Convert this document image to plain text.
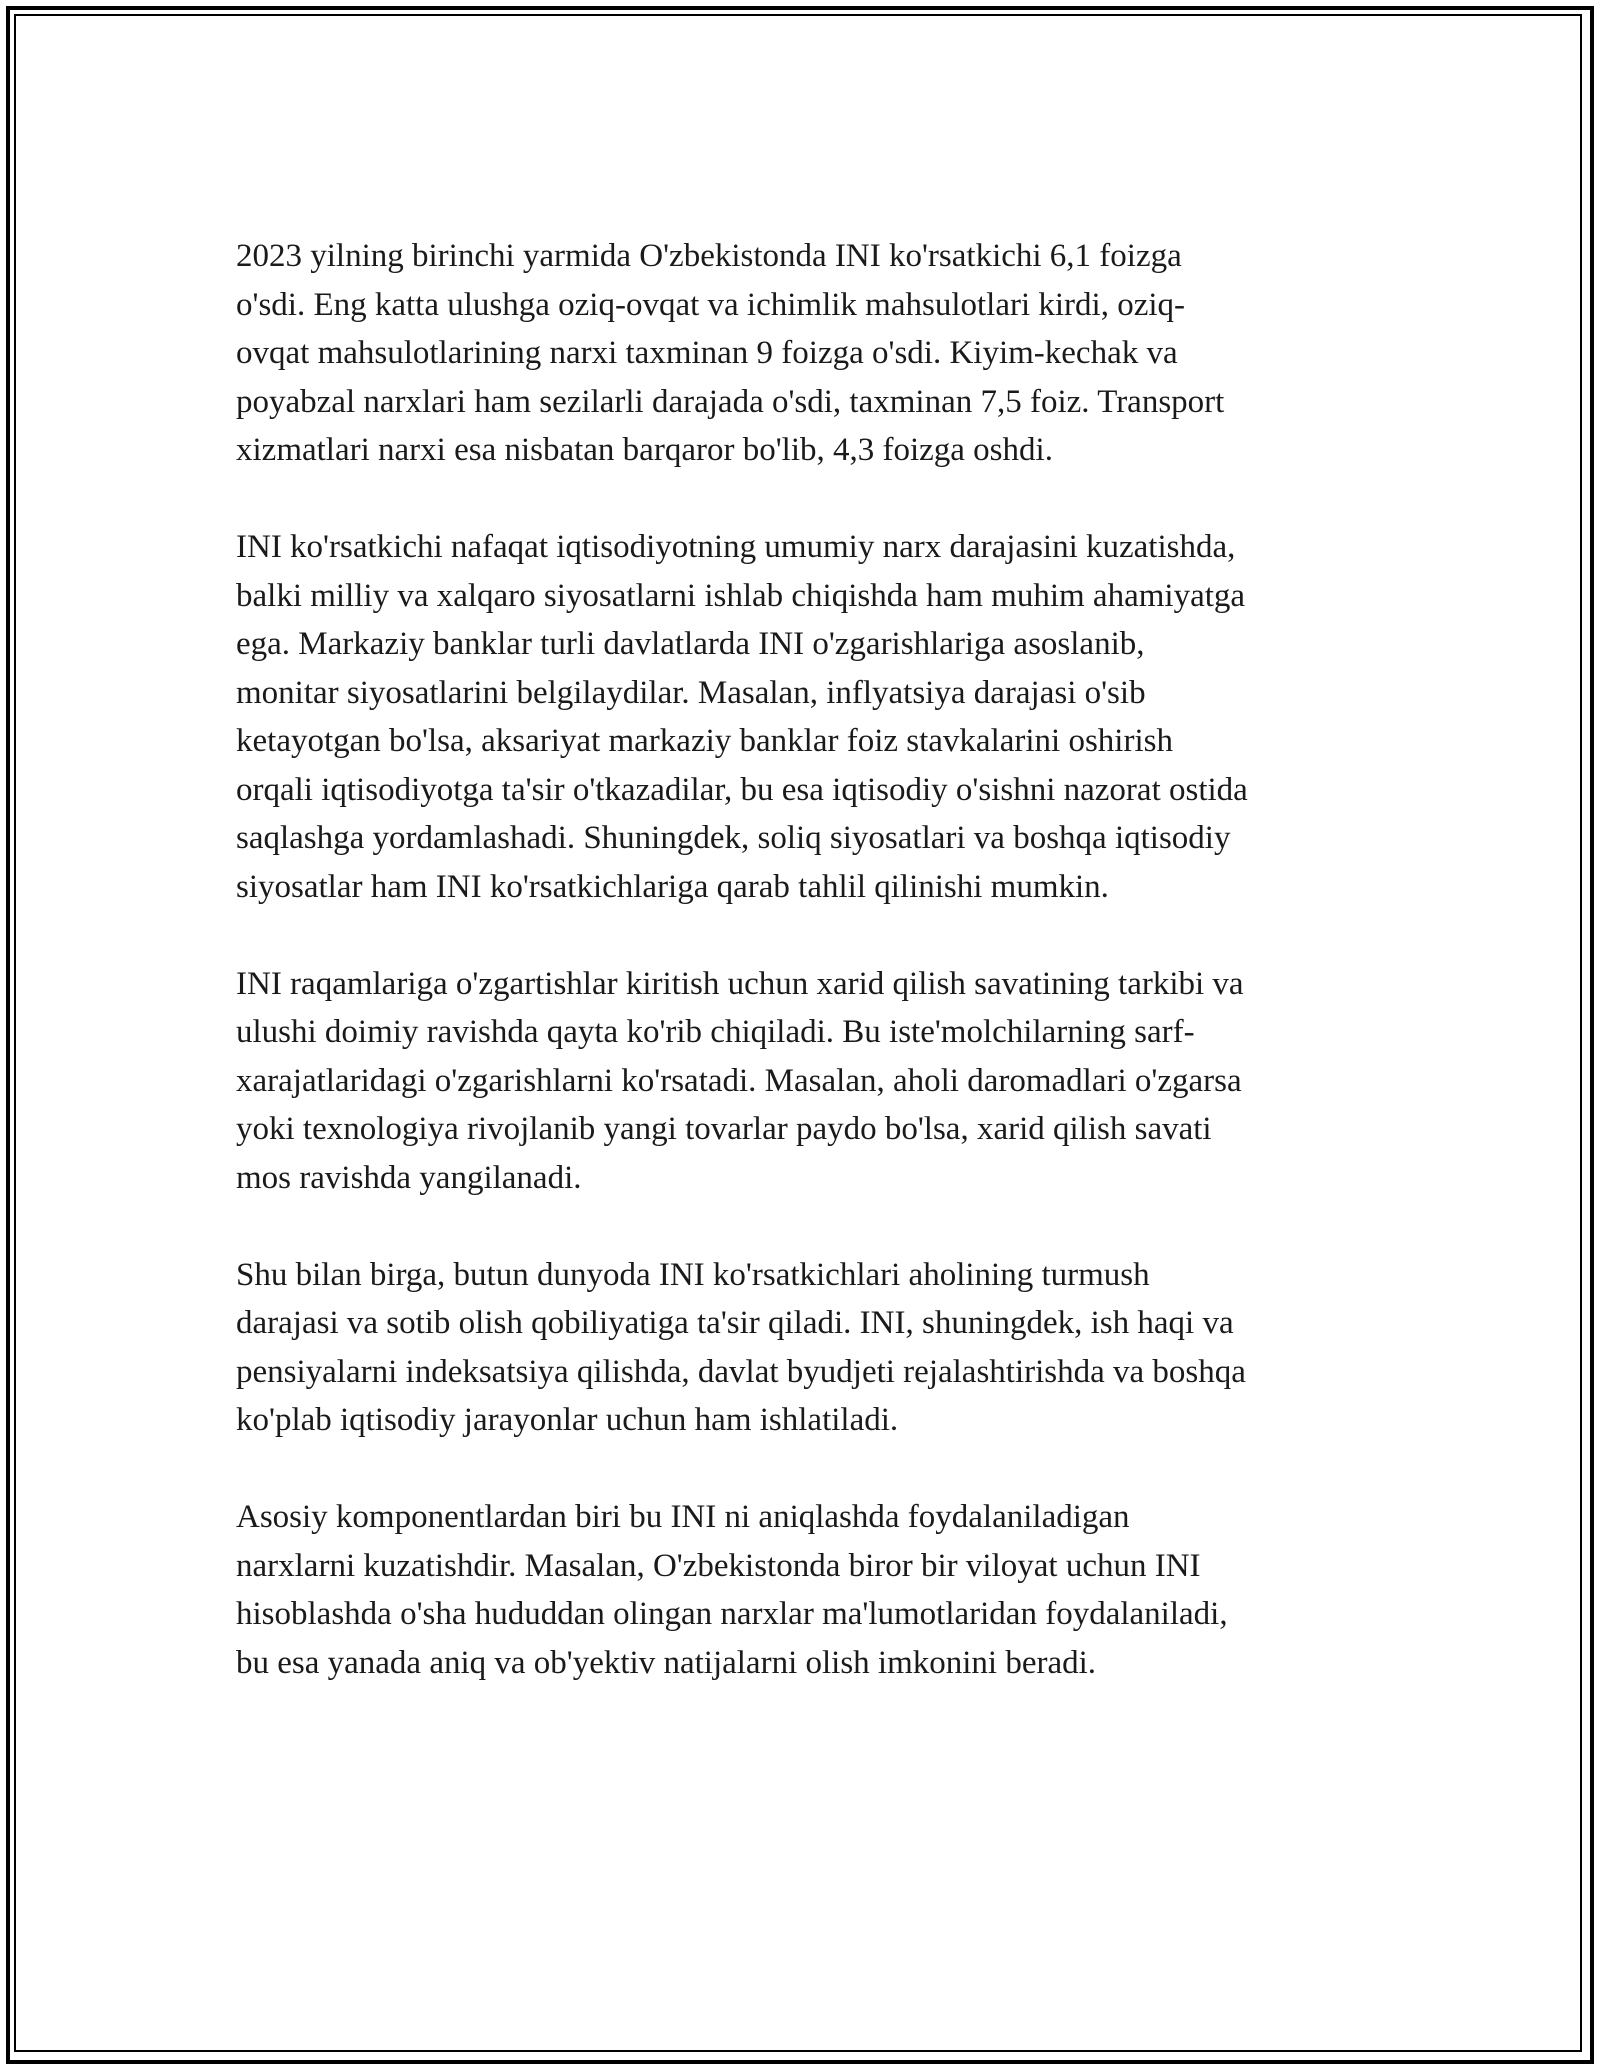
2023 yilning birinchi yarmida O'zbekistonda INI ko'rsatkichi 6,1 foizga
o'sdi. Eng katta ulushga oziq-ovqat va ichimlik mahsulotlari kirdi, oziq-
ovqat mahsulotlarining narxi taxminan 9 foizga o'sdi. Kiyim-kechak va
poyabzal narxlari ham sezilarli darajada o'sdi, taxminan 7,5 foiz. Transport
xizmatlari narxi esa nisbatan barqaror bo'lib, 4,3 foizga oshdi.

INI ko'rsatkichi nafaqat iqtisodiyotning umumiy narx darajasini kuzatishda,
balki milliy va xalqaro siyosatlarni ishlab chiqishda ham muhim ahamiyatga
ega. Markaziy banklar turli davlatlarda INI o'zgarishlariga asoslanib,
monitar siyosatlarini belgilaydilar. Masalan, inflyatsiya darajasi o'sib
ketayotgan bo'lsa, aksariyat markaziy banklar foiz stavkalarini oshirish
orqali iqtisodiyotga ta'sir o'tkazadilar, bu esa iqtisodiy o'sishni nazorat ostida
saqlashga yordamlashadi. Shuningdek, soliq siyosatlari va boshqa iqtisodiy
siyosatlar ham INI ko'rsatkichlariga qarab tahlil qilinishi mumkin.

INI raqamlariga o'zgartishlar kiritish uchun xarid qilish savatining tarkibi va
ulushi doimiy ravishda qayta ko'rib chiqiladi. Bu iste'molchilarning sarf-
xarajatlaridagi o'zgarishlarni ko'rsatadi. Masalan, aholi daromadlari o'zgarsa
yoki texnologiya rivojlanib yangi tovarlar paydo bo'lsa, xarid qilish savati
mos ravishda yangilanadi.

Shu bilan birga, butun dunyoda INI ko'rsatkichlari aholining turmush
darajasi va sotib olish qobiliyatiga ta'sir qiladi. INI, shuningdek, ish haqi va
pensiyalarni indeksatsiya qilishda, davlat byudjeti rejalashtirishda va boshqa
ko'plab iqtisodiy jarayonlar uchun ham ishlatiladi.

Asosiy komponentlardan biri bu INI ni aniqlashda foydalaniladigan
narxlarni kuzatishdir. Masalan, O'zbekistonda biror bir viloyat uchun INI
hisoblashda o'sha hududdan olingan narxlar ma'lumotlaridan foydalaniladi,
bu esa yanada aniq va ob'yektiv natijalarni olish imkonini beradi.
